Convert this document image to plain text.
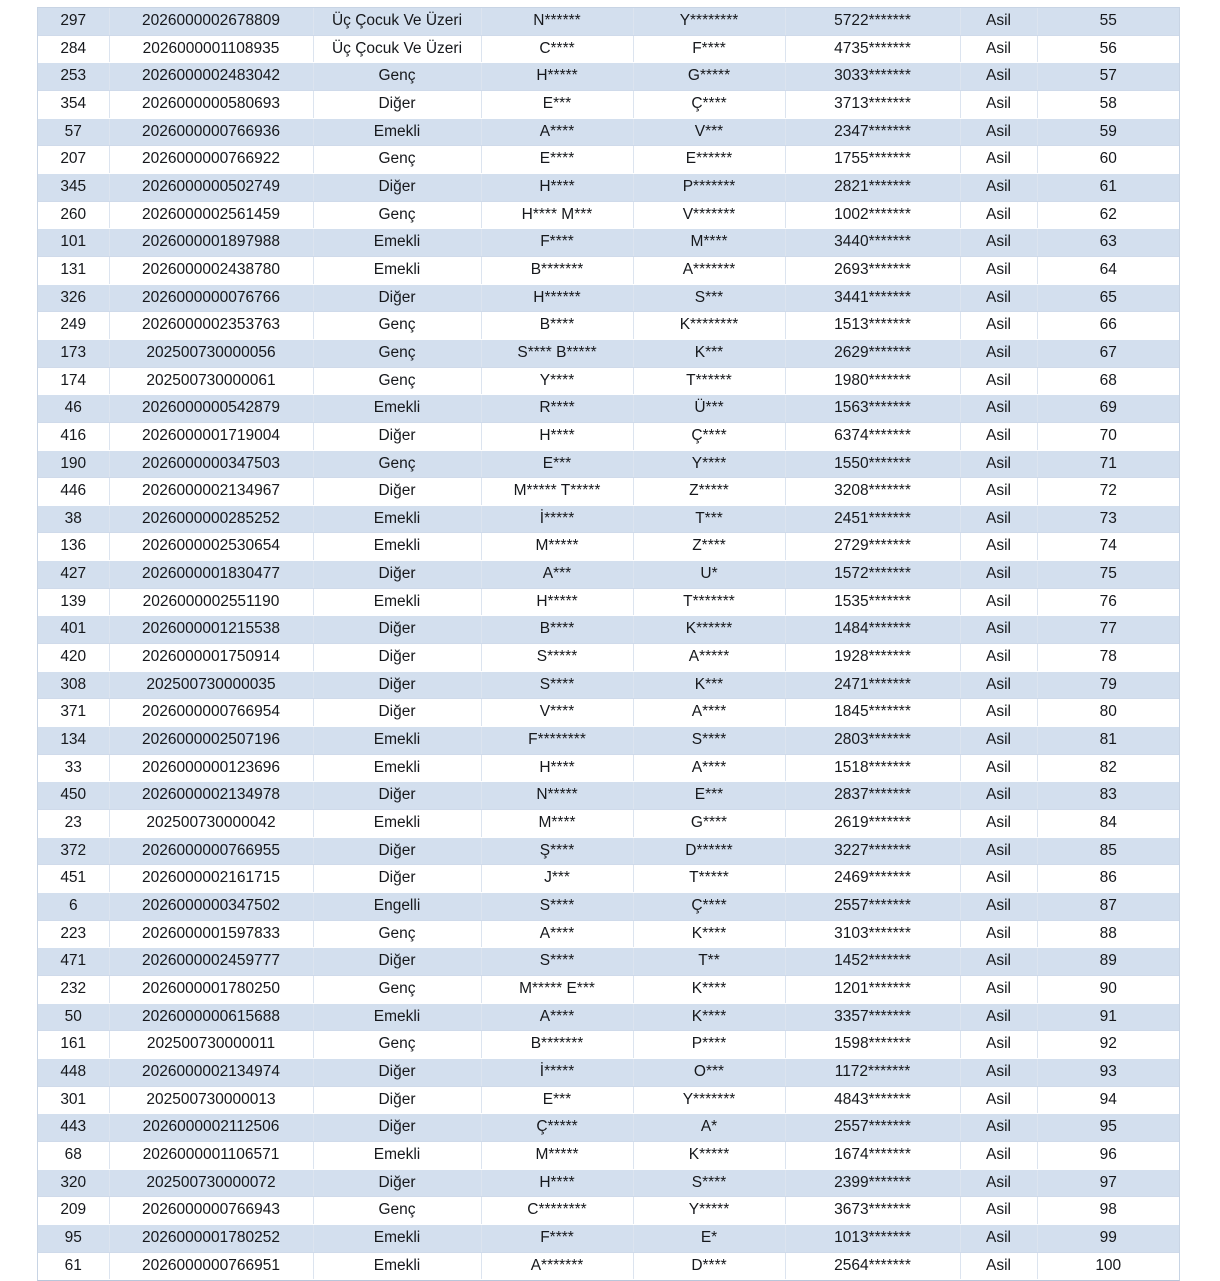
297	2026000002678809	Üç Çocuk Ve Üzeri	N******	Y********	5722*******	Asil	55
284	2026000001108935	Üç Çocuk Ve Üzeri	C****	F****	4735*******	Asil	56
253	2026000002483042	Genç	H*****	G*****	3033*******	Asil	57
354	2026000000580693	Diğer	E***	Ç****	3713*******	Asil	58
57	2026000000766936	Emekli	A****	V***	2347*******	Asil	59
207	2026000000766922	Genç	E****	E******	1755*******	Asil	60
345	2026000000502749	Diğer	H****	P*******	2821*******	Asil	61
260	2026000002561459	Genç	H**** M***	V*******	1002*******	Asil	62
101	2026000001897988	Emekli	F****	M****	3440*******	Asil	63
131	2026000002438780	Emekli	B*******	A*******	2693*******	Asil	64
326	2026000000076766	Diğer	H******	S***	3441*******	Asil	65
249	2026000002353763	Genç	B****	K********	1513*******	Asil	66
173	202500730000056	Genç	S**** B*****	K***	2629*******	Asil	67
174	202500730000061	Genç	Y****	T******	1980*******	Asil	68
46	2026000000542879	Emekli	R****	Ü***	1563*******	Asil	69
416	2026000001719004	Diğer	H****	Ç****	6374*******	Asil	70
190	2026000000347503	Genç	E***	Y****	1550*******	Asil	71
446	2026000002134967	Diğer	M***** T*****	Z*****	3208*******	Asil	72
38	2026000000285252	Emekli	İ*****	T***	2451*******	Asil	73
136	2026000002530654	Emekli	M*****	Z****	2729*******	Asil	74
427	2026000001830477	Diğer	A***	U*	1572*******	Asil	75
139	2026000002551190	Emekli	H*****	T*******	1535*******	Asil	76
401	2026000001215538	Diğer	B****	K******	1484*******	Asil	77
420	2026000001750914	Diğer	S*****	A*****	1928*******	Asil	78
308	202500730000035	Diğer	S****	K***	2471*******	Asil	79
371	2026000000766954	Diğer	V****	A****	1845*******	Asil	80
134	2026000002507196	Emekli	F********	S****	2803*******	Asil	81
33	2026000000123696	Emekli	H****	A****	1518*******	Asil	82
450	2026000002134978	Diğer	N*****	E***	2837*******	Asil	83
23	202500730000042	Emekli	M****	G****	2619*******	Asil	84
372	2026000000766955	Diğer	Ş****	D******	3227*******	Asil	85
451	2026000002161715	Diğer	J***	T*****	2469*******	Asil	86
6	2026000000347502	Engelli	S****	Ç****	2557*******	Asil	87
223	2026000001597833	Genç	A****	K****	3103*******	Asil	88
471	2026000002459777	Diğer	S****	T**	1452*******	Asil	89
232	2026000001780250	Genç	M***** E***	K****	1201*******	Asil	90
50	2026000000615688	Emekli	A****	K****	3357*******	Asil	91
161	202500730000011	Genç	B*******	P****	1598*******	Asil	92
448	2026000002134974	Diğer	İ*****	O***	1172*******	Asil	93
301	202500730000013	Diğer	E***	Y*******	4843*******	Asil	94
443	2026000002112506	Diğer	Ç*****	A*	2557*******	Asil	95
68	2026000001106571	Emekli	M*****	K*****	1674*******	Asil	96
320	202500730000072	Diğer	H****	S****	2399*******	Asil	97
209	2026000000766943	Genç	C********	Y*****	3673*******	Asil	98
95	2026000001780252	Emekli	F****	E*	1013*******	Asil	99
61	2026000000766951	Emekli	A*******	D****	2564*******	Asil	100
